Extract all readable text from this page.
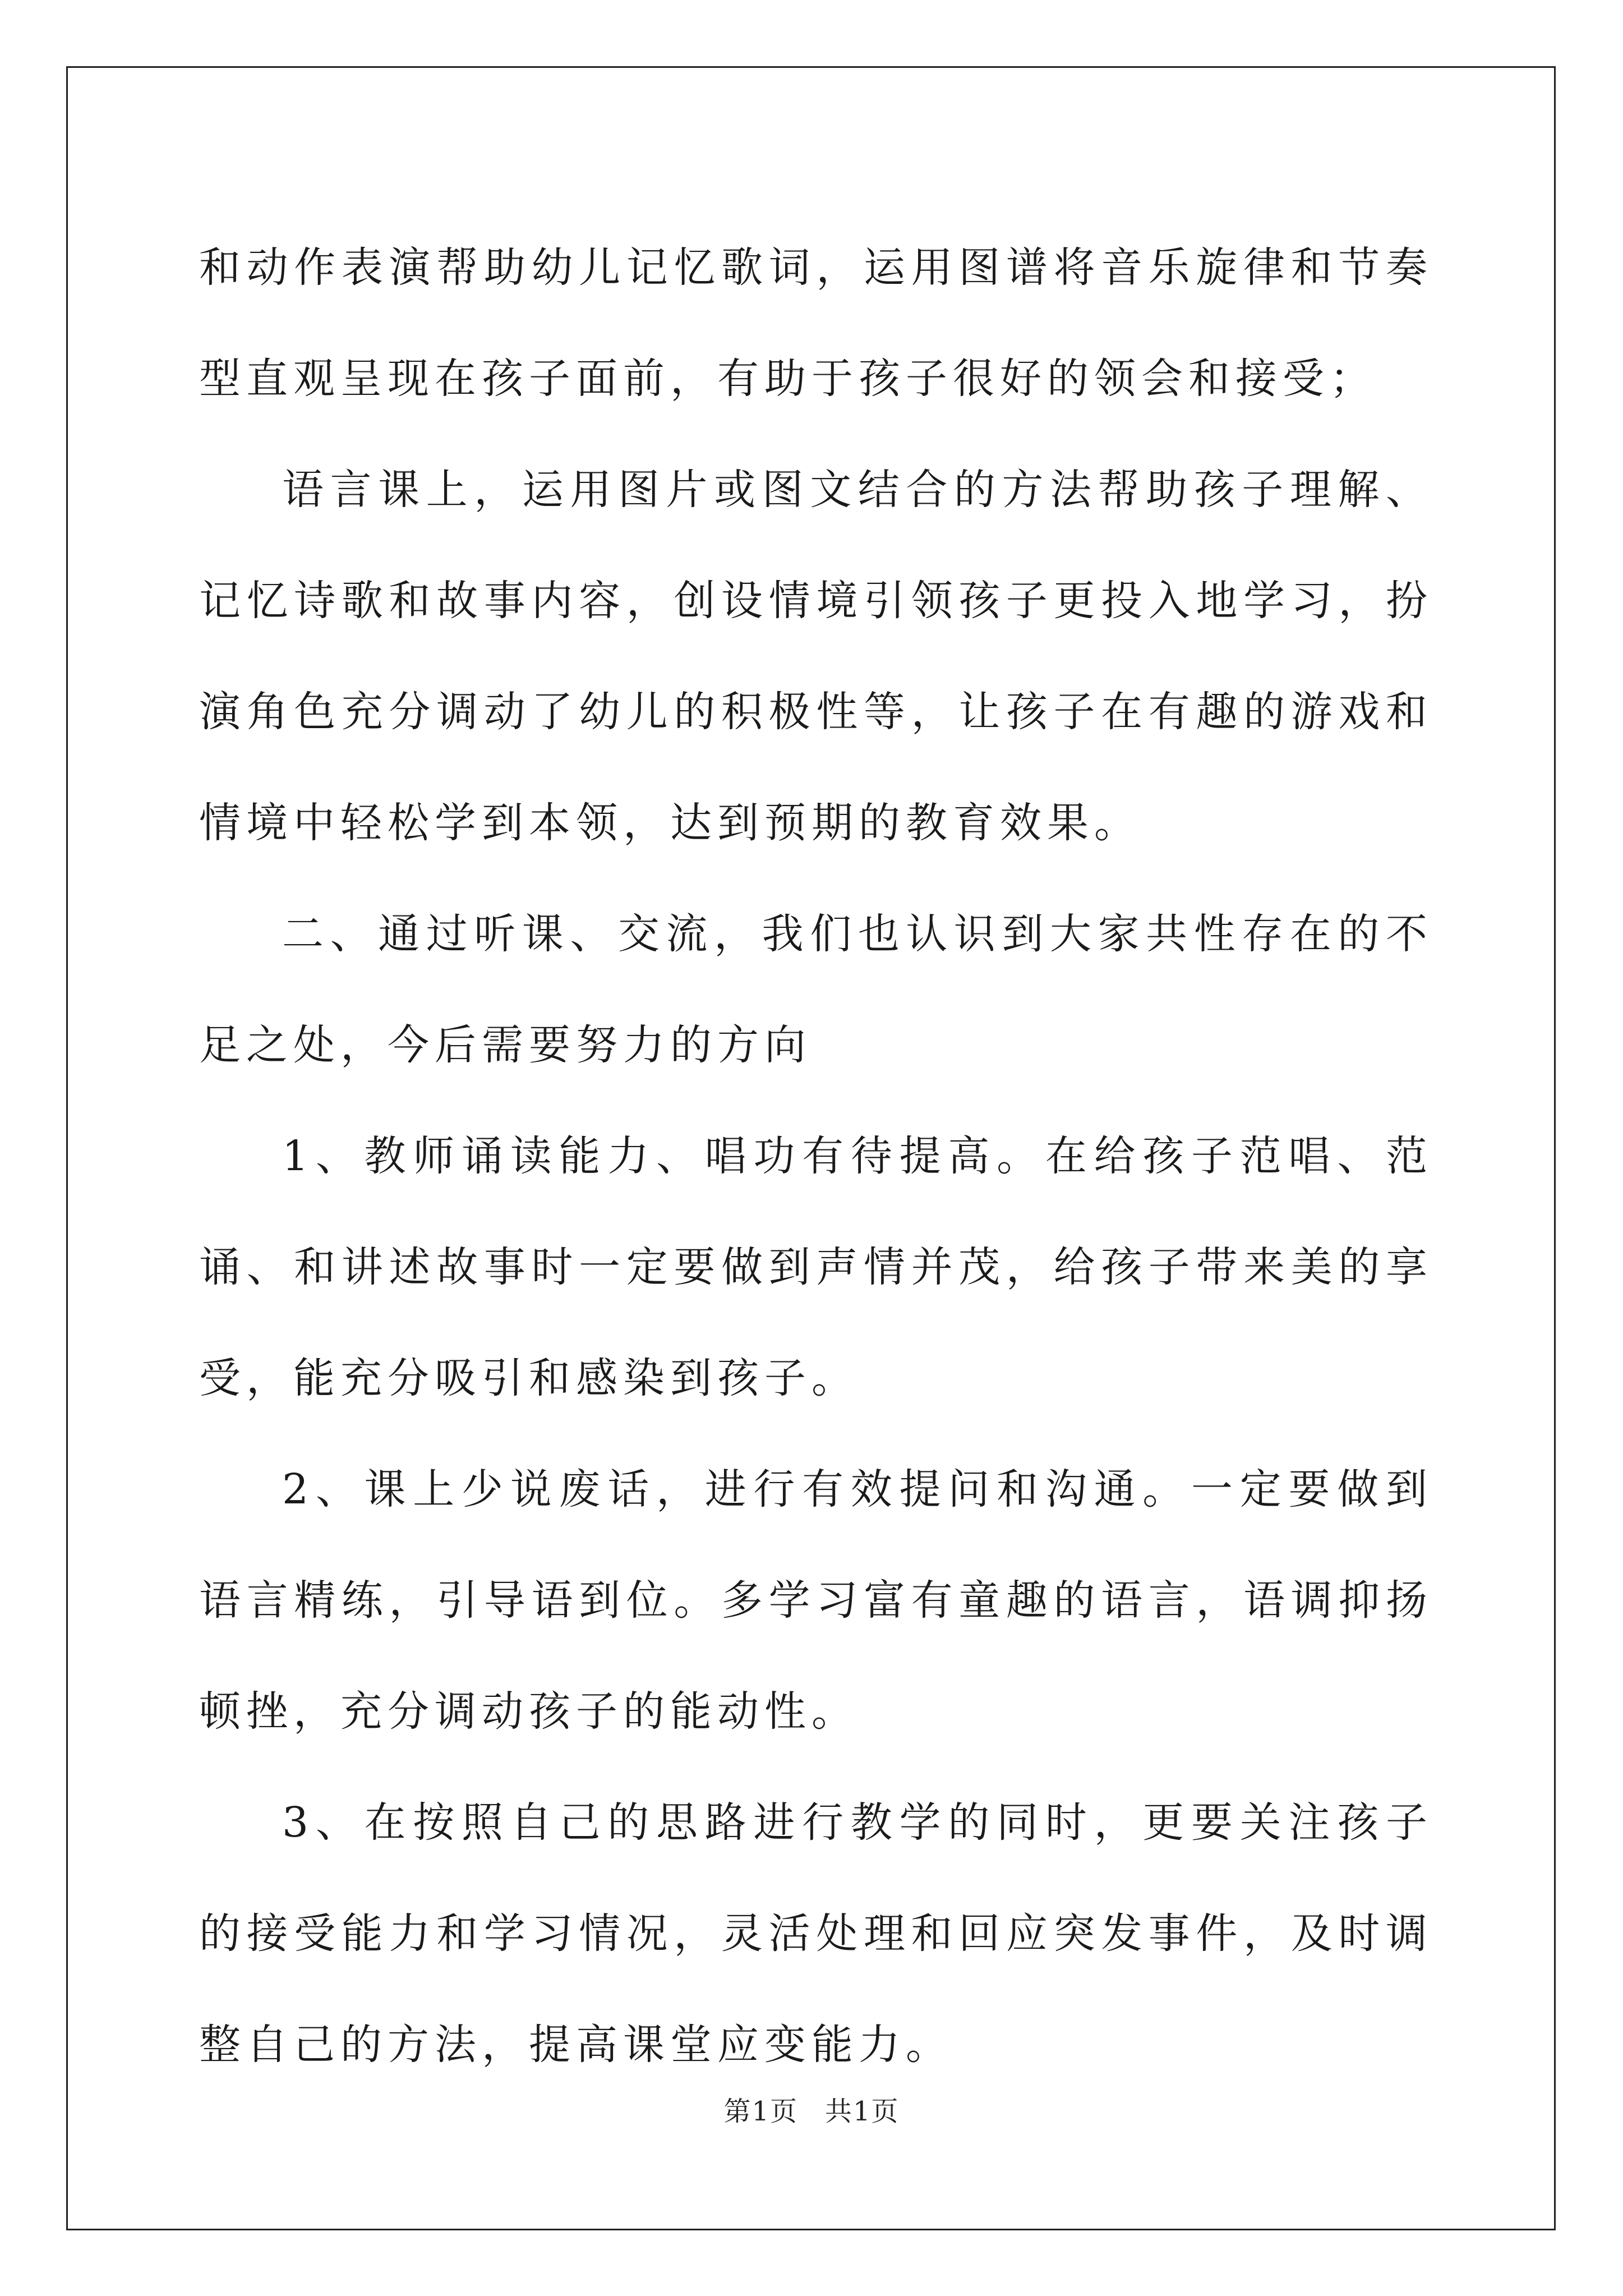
和动作表演帮助幼儿记忆歌词，运用图谱将音乐旋律和节奏型直观呈现在孩子面前，有助于孩子很好的领会和接受；

语言课上，运用图片或图文结合的方法帮助孩子理解、记忆诗歌和故事内容，创设情境引领孩子更投入地学习，扮演角色充分调动了幼儿的积极性等，让孩子在有趣的游戏和情境中轻松学到本领，达到预期的教育效果。

二、通过听课、交流，我们也认识到大家共性存在的不足之处，今后需要努力的方向

1、教师诵读能力、唱功有待提高。在给孩子范唱、范诵、和讲述故事时一定要做到声情并茂，给孩子带来美的享受，能充分吸引和感染到孩子。

2、课上少说废话，进行有效提问和沟通。一定要做到语言精练，引导语到位。多学习富有童趣的语言，语调抑扬顿挫，充分调动孩子的能动性。

3、在按照自己的思路进行教学的同时，更要关注孩子的接受能力和学习情况，灵活处理和回应突发事件，及时调整自己的方法，提高课堂应变能力。

第1页 共1页
